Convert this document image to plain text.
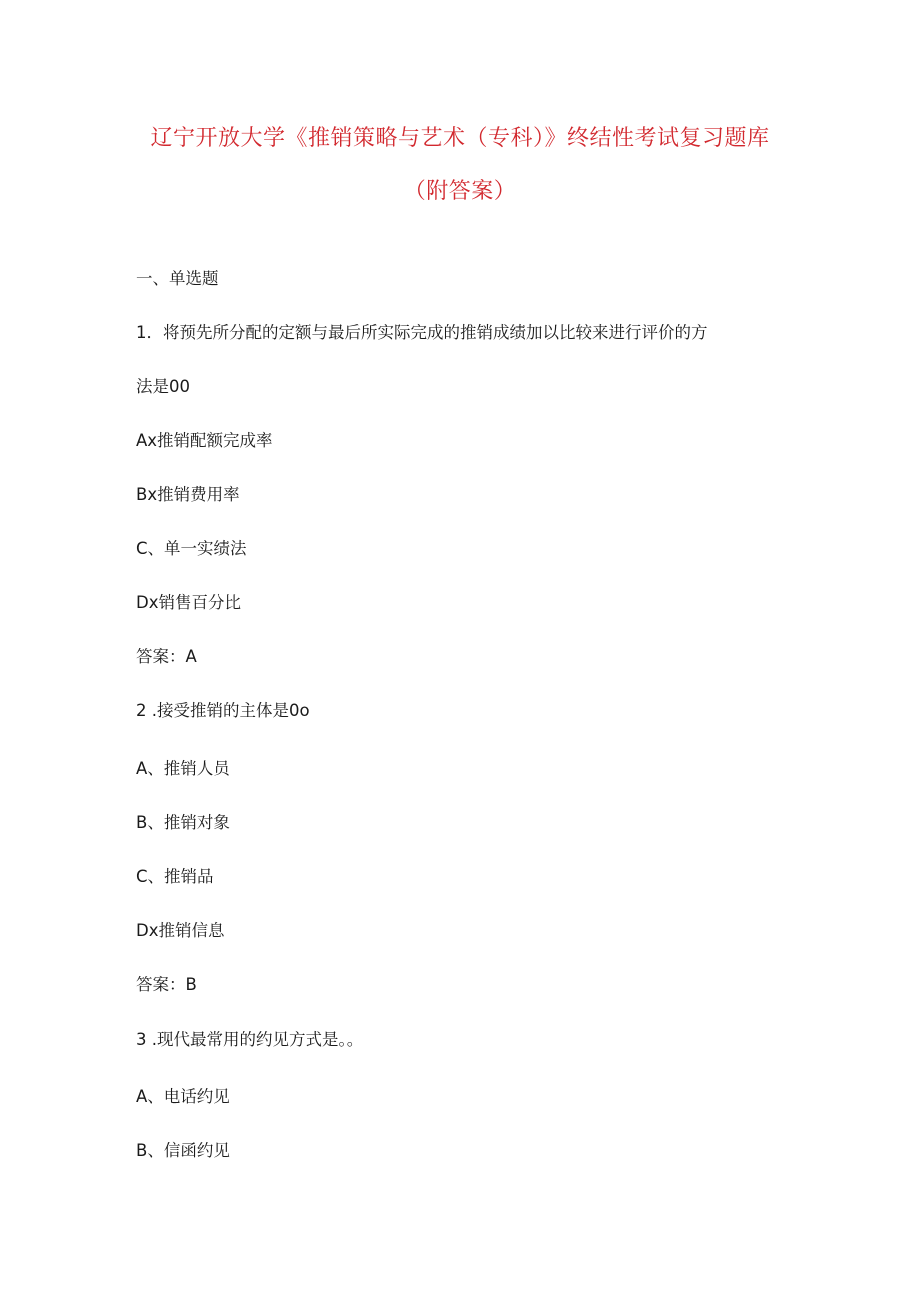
辽宁开放大学《推销策略与艺术（专科）》终结性考试复习题库
（附答案）
一、单选题
1．将预先所分配的定额与最后所实际完成的推销成绩加以比较来进行评价的方
法是00
Ax推销配额完成率
Bx推销费用率
C、单一实绩法
Dx销售百分比
答案：A
2 .接受推销的主体是0o
A、推销人员
B、推销对象
C、推销品
Dx推销信息
答案：B
3 .现代最常用的约见方式是。。
A、电话约见
B、信函约见
